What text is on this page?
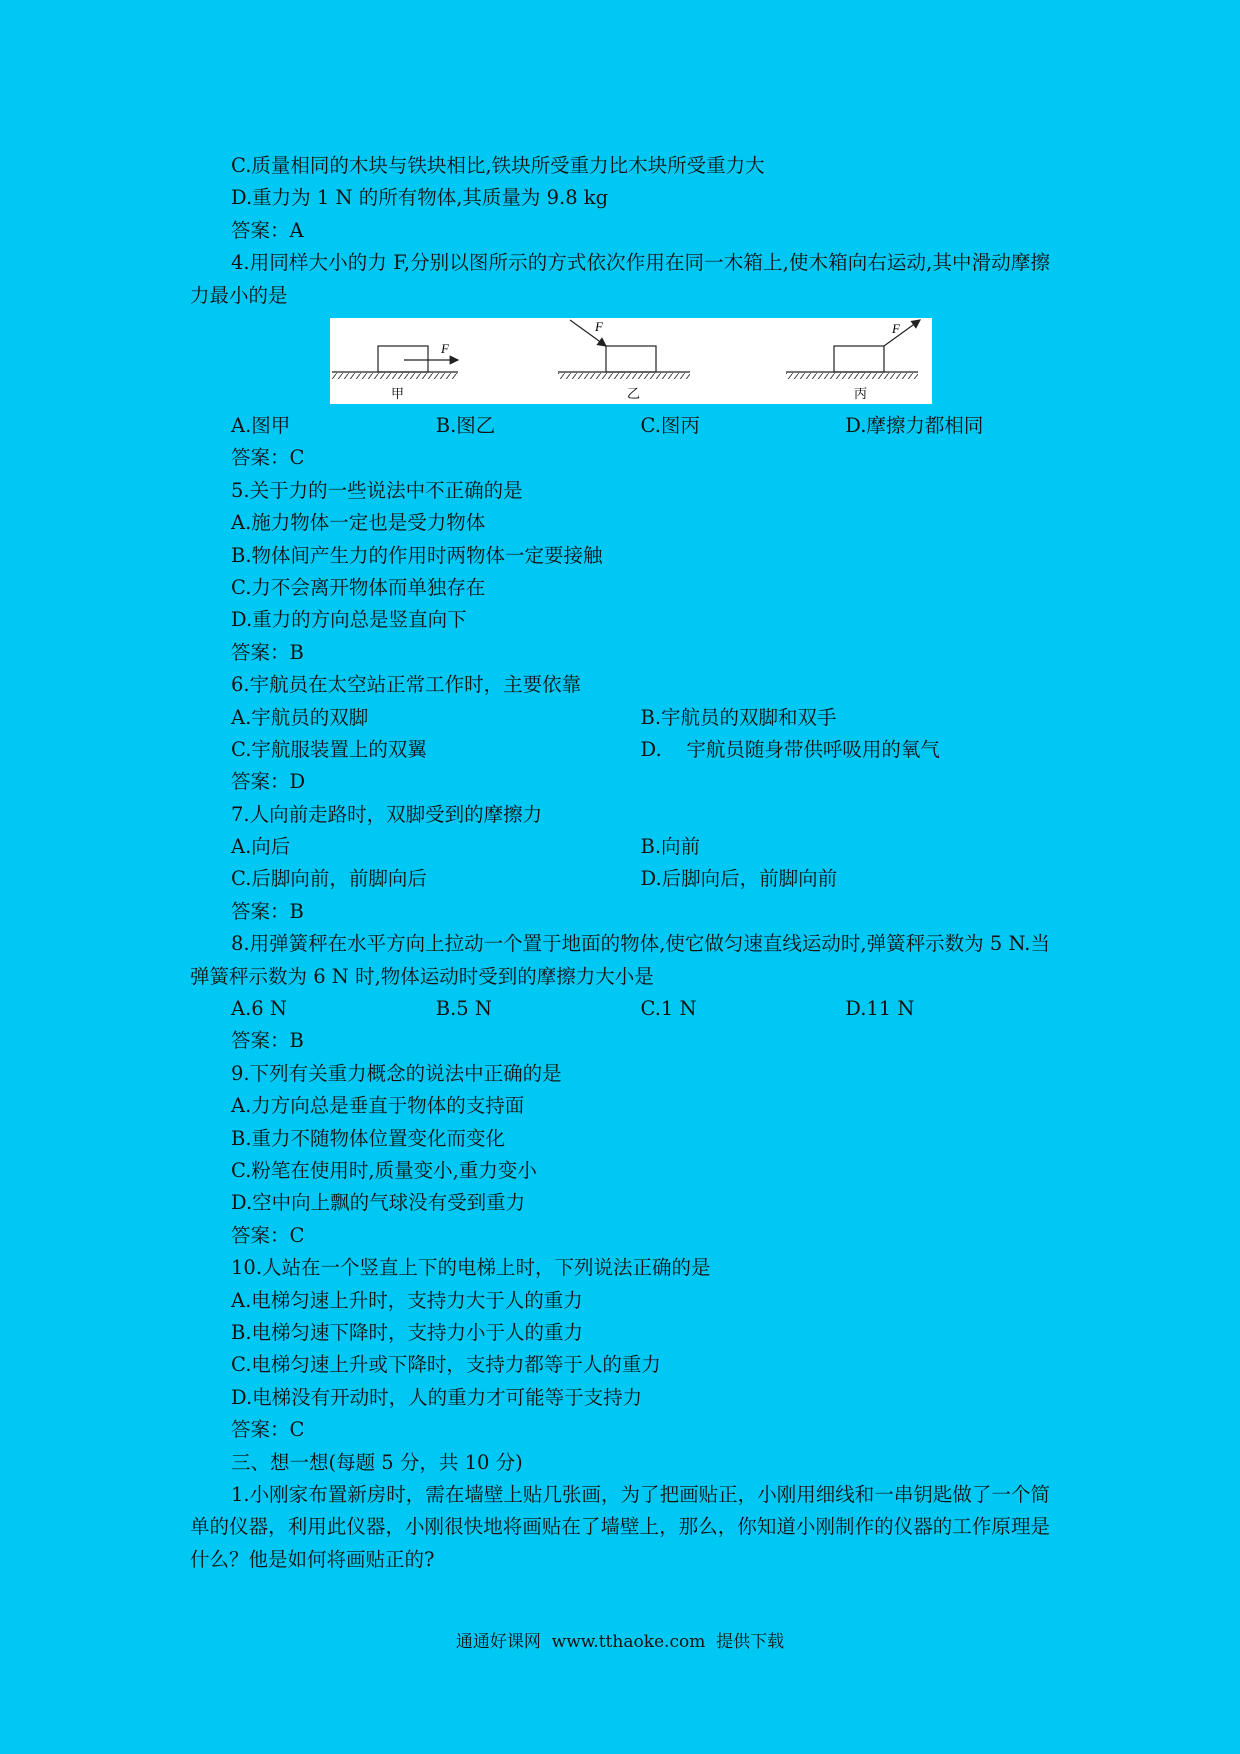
C.质量相同的木块与铁块相比,铁块所受重力比木块所受重力大
D.重力为 1 N 的所有物体,其质量为 9.8 kg
答案：A
4.用同样大小的力 F,分别以图所示的方式依次作用在同一木箱上,使木箱向右运动,其中滑动摩擦力最小的是
F
甲
F
乙
F
丙
A.图甲	B.图乙	C.图丙	D.摩擦力都相同
答案：C
5.关于力的一些说法中不正确的是
A.施力物体一定也是受力物体
B.物体间产生力的作用时两物体一定要接触
C.力不会离开物体而单独存在
D.重力的方向总是竖直向下
答案：B
6.宇航员在太空站正常工作时，主要依靠
A.宇航员的双脚	B.宇航员的双脚和双手
C.宇航服装置上的双翼	D.    宇航员随身带供呼吸用的氧气
答案：D
7.人向前走路时，双脚受到的摩擦力
A.向后	B.向前
C.后脚向前，前脚向后	D.后脚向后，前脚向前
答案：B
8.用弹簧秤在水平方向上拉动一个置于地面的物体,使它做匀速直线运动时,弹簧秤示数为 5 N.当弹簧秤示数为 6 N 时,物体运动时受到的摩擦力大小是
A.6 N	B.5 N	C.1 N	D.11 N
答案：B
9.下列有关重力概念的说法中正确的是
A.力方向总是垂直于物体的支持面
B.重力不随物体位置变化而变化
C.粉笔在使用时,质量变小,重力变小
D.空中向上飘的气球没有受到重力
答案：C
10.人站在一个竖直上下的电梯上时，下列说法正确的是
A.电梯匀速上升时，支持力大于人的重力
B.电梯匀速下降时，支持力小于人的重力
C.电梯匀速上升或下降时，支持力都等于人的重力
D.电梯没有开动时，人的重力才可能等于支持力
答案：C
三、想一想(每题 5 分，共 10 分)
1.小刚家布置新房时，需在墙壁上贴几张画，为了把画贴正，小刚用细线和一串钥匙做了一个简单的仪器，利用此仪器，小刚很快地将画贴在了墙壁上，那么，你知道小刚制作的仪器的工作原理是什么？他是如何将画贴正的?
通通好课网  www.tthaoke.com  提供下载
